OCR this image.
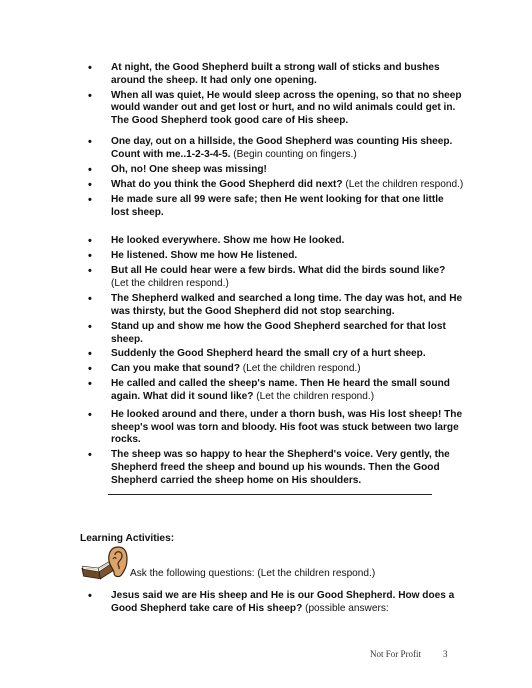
• At night, the Good Shepherd built a strong wall of sticks and bushes around the sheep. It had only one opening.
• When all was quiet, He would sleep across the opening, so that no sheep would wander out and get lost or hurt, and no wild animals could get in. The Good Shepherd took good care of His sheep.
• One day, out on a hillside, the Good Shepherd was counting His sheep. Count with me..1-2-3-4-5. (Begin counting on fingers.)
• Oh, no! One sheep was missing!
• What do you think the Good Shepherd did next? (Let the children respond.)
• He made sure all 99 were safe; then He went looking for that one little lost sheep.
• He looked everywhere. Show me how He looked.
• He listened. Show me how He listened.
• But all He could hear were a few birds. What did the birds sound like? (Let the children respond.)
• The Shepherd walked and searched a long time. The day was hot, and He was thirsty, but the Good Shepherd did not stop searching.
• Stand up and show me how the Good Shepherd searched for that lost sheep.
• Suddenly the Good Shepherd heard the small cry of a hurt sheep.
• Can you make that sound? (Let the children respond.)
• He called and called the sheep's name. Then He heard the small sound again. What did it sound like? (Let the children respond.)
• He looked around and there, under a thorn bush, was His lost sheep! The sheep's wool was torn and bloody. His foot was stuck between two large rocks.
• The sheep was so happy to hear the Shepherd's voice. Very gently, the Shepherd freed the sheep and bound up his wounds. Then the Good Shepherd carried the sheep home on His shoulders.
Learning Activities:
Ask the following questions: (Let the children respond.)
• Jesus said we are His sheep and He is our Good Shepherd. How does a Good Shepherd take care of His sheep? (possible answers:
Not For Profit 3
